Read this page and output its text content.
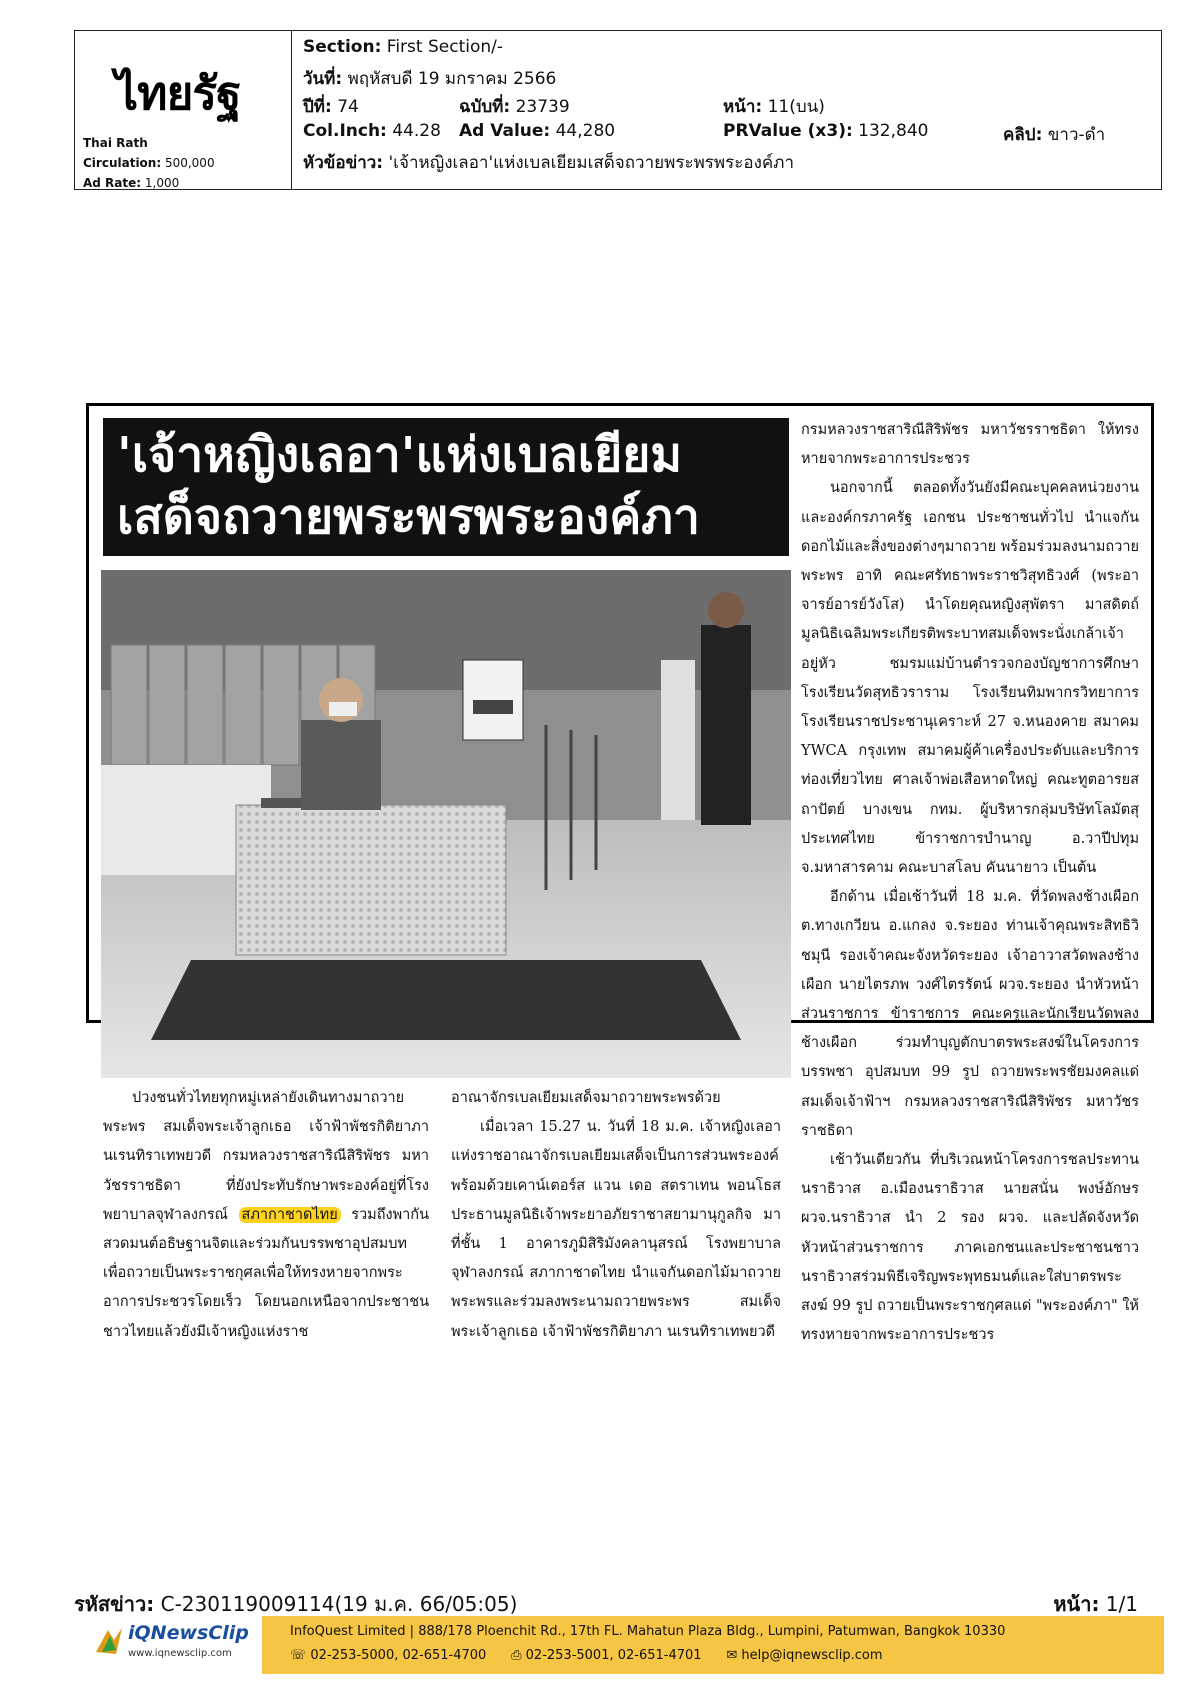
ไทยรัฐ
Thai Rath
Circulation: 500,000
Ad Rate: 1,000
Section: First Section/-
วันที่: พฤหัสบดี 19 มกราคม 2566
ปีที่: 74	ฉบับที่: 23739	หน้า: 11(บน)
Col.Inch: 44.28 Ad Value: 44,280	PRValue (x3): 132,840	คลิป: ขาว-ดำ
หัวข้อข่าว: 'เจ้าหญิงเลอา'แห่งเบลเยียมเสด็จถวายพระพรพระองค์ภา
'เจ้าหญิงเลอา'แห่งเบลเยียม
เสด็จถวายพระพรพระองค์ภา

ปวงชนทั่วไทยทุกหมู่เหล่ายังเดินทางมาถวายพระพร สมเด็จพระเจ้าลูกเธอ เจ้าฟ้าพัชรกิติยาภา นเรนทิราเทพยวดี กรมหลวงราชสาริณีสิริพัชร มหาวัชรราชธิดา ที่ยังประทับรักษาพระองค์อยู่ที่โรงพยาบาลจุฬาลงกรณ์ สภากาชาดไทย รวมถึงพากันสวดมนต์อธิษฐานจิตและร่วมกันบรรพชาอุปสมบทเพื่อถวายเป็นพระราชกุศลเพื่อให้ทรงหายจากพระอาการประชวรโดยเร็ว โดยนอกเหนือจากประชาชนชาวไทยแล้วยังมีเจ้าหญิงแห่งราช

อาณาจักรเบลเยียมเสด็จมาถวายพระพรด้วย

เมื่อเวลา 15.27 น. วันที่ 18 ม.ค. เจ้าหญิงเลอาแห่งราชอาณาจักรเบลเยียมเสด็จเป็นการส่วนพระองค์ พร้อมด้วยเคาน์เตอร์ส แวน เดอ สตราเทน พอนโธส ประธานมูลนิธิเจ้าพระยาอภัยราชาสยามานุกูลกิจ มาที่ชั้น 1 อาคารภูมิสิริมังคลานุสรณ์ โรงพยาบาลจุฬาลงกรณ์ สภากาชาดไทย นำแจกันดอกไม้มาถวายพระพรและร่วมลงพระนามถวายพระพร สมเด็จพระเจ้าลูกเธอ เจ้าฟ้าพัชรกิติยาภา นเรนทิราเทพยวดี

กรมหลวงราชสาริณีสิริพัชร มหาวัชรราชธิดา ให้ทรงหายจากพระอาการประชวร

นอกจากนี้ ตลอดทั้งวันยังมีคณะบุคคลหน่วยงานและองค์กรภาครัฐ เอกชน ประชาชนทั่วไป นำแจกันดอกไม้และสิ่งของต่างๆมาถวาย พร้อมร่วมลงนามถวายพระพร อาทิ คณะศรัทธาพระราชวิสุทธิวงศ์ (พระอาจารย์อารย์วังโส) นำโดยคุณหญิงสุพัตรา มาสดิตถ์ มูลนิธิเฉลิมพระเกียรติพระบาทสมเด็จพระนั่งเกล้าเจ้าอยู่หัว ชมรมแม่บ้านตำรวจกองบัญชาการศึกษา โรงเรียนวัดสุทธิวราราม โรงเรียนทิมพากรวิทยาการ โรงเรียนราชประชานุเคราะห์ 27 จ.หนองคาย สมาคม YWCA กรุงเทพ สมาคมผู้ค้าเครื่องประดับและบริการท่องเที่ยวไทย ศาลเจ้าพ่อเสือหาดใหญ่ คณะทูตอารยสถาปัตย์ บางเขน กทม. ผู้บริหารกลุ่มบริษัทโลมัตสุประเทศไทย ข้าราชการบำนาญ อ.วาปีปทุม จ.มหาสารคาม คณะบาสโลบ คันนายาว เป็นต้น

อีกด้าน เมื่อเช้าวันที่ 18 ม.ค. ที่วัดพลงช้างเผือก ต.ทางเกวียน อ.แกลง จ.ระยอง ท่านเจ้าคุณพระสิทธิวิชมุนี รองเจ้าคณะจังหวัดระยอง เจ้าอาวาสวัดพลงช้างเผือก นายไตรภพ วงศ์ไตรรัตน์ ผวจ.ระยอง นำหัวหน้าส่วนราชการ ข้าราชการ คณะครูและนักเรียนวัดพลงช้างเผือก ร่วมทำบุญตักบาตรพระสงฆ์ในโครงการบรรพชา อุปสมบท 99 รูป ถวายพระพรชัยมงคลแด่สมเด็จเจ้าฟ้าฯ กรมหลวงราชสาริณีสิริพัชร มหาวัชรราชธิดา

เช้าวันเดียวกัน ที่บริเวณหน้าโครงการชลประทานนราธิวาส อ.เมืองนราธิวาส นายสนั่น พงษ์อักษร ผวจ.นราธิวาส นำ 2 รอง ผวจ. และปลัดจังหวัด หัวหน้าส่วนราชการ ภาคเอกชนและประชาชนชาวนราธิวาสร่วมพิธีเจริญพระพุทธมนต์และใส่บาตรพระสงฆ์ 99 รูป ถวายเป็นพระราชกุศลแด่ "พระองค์ภา" ให้ทรงหายจากพระอาการประชวร

รหัสข่าว: C-230119009114(19 ม.ค. 66/05:05)	หน้า: 1/1
iQNewsClip
www.iqnewsclip.com
InfoQuest Limited | 888/178 Ploenchit Rd., 17th FL. Mahatun Plaza Bldg., Lumpini, Patumwan, Bangkok 10330
☏ 02-253-5000, 02-651-4700 ⎙ 02-253-5001, 02-651-4701 ✉ help@iqnewsclip.com
